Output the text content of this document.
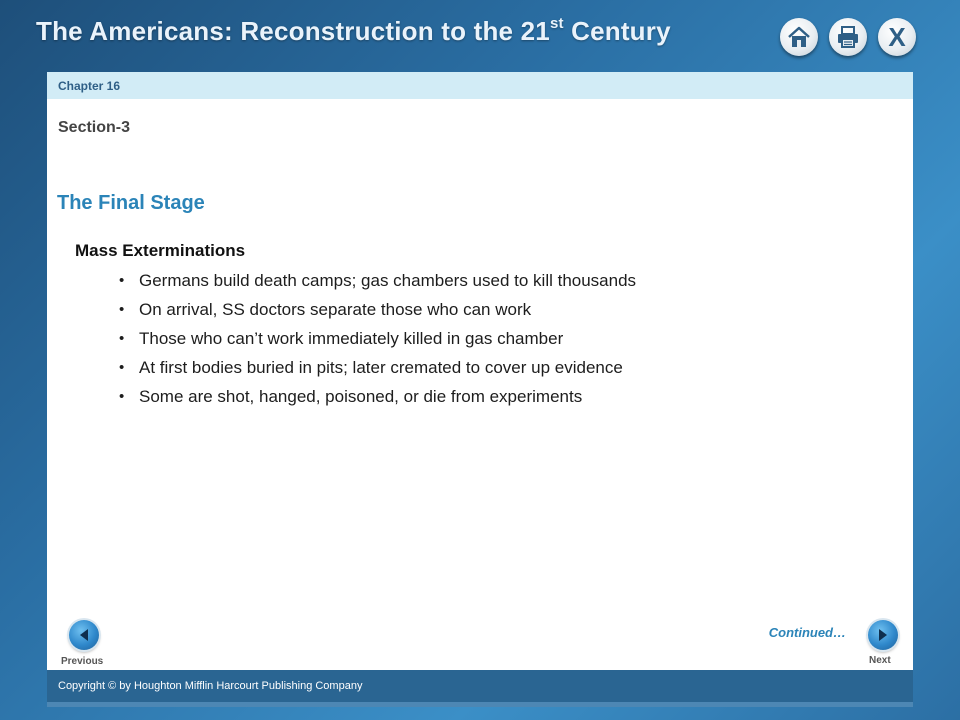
The Americans: Reconstruction to the 21st Century	X
Chapter 16
Section-3
The Final Stage
Mass Exterminations
• Germans build death camps; gas chambers used to kill thousands
• On arrival, SS doctors separate those who can work
• Those who can’t work immediately killed in gas chamber
• At first bodies buried in pits; later cremated to cover up evidence
• Some are shot, hanged, poisoned, or die from experiments
Previous
Continued…
Next
Copyright © by Houghton Mifflin Harcourt Publishing Company
